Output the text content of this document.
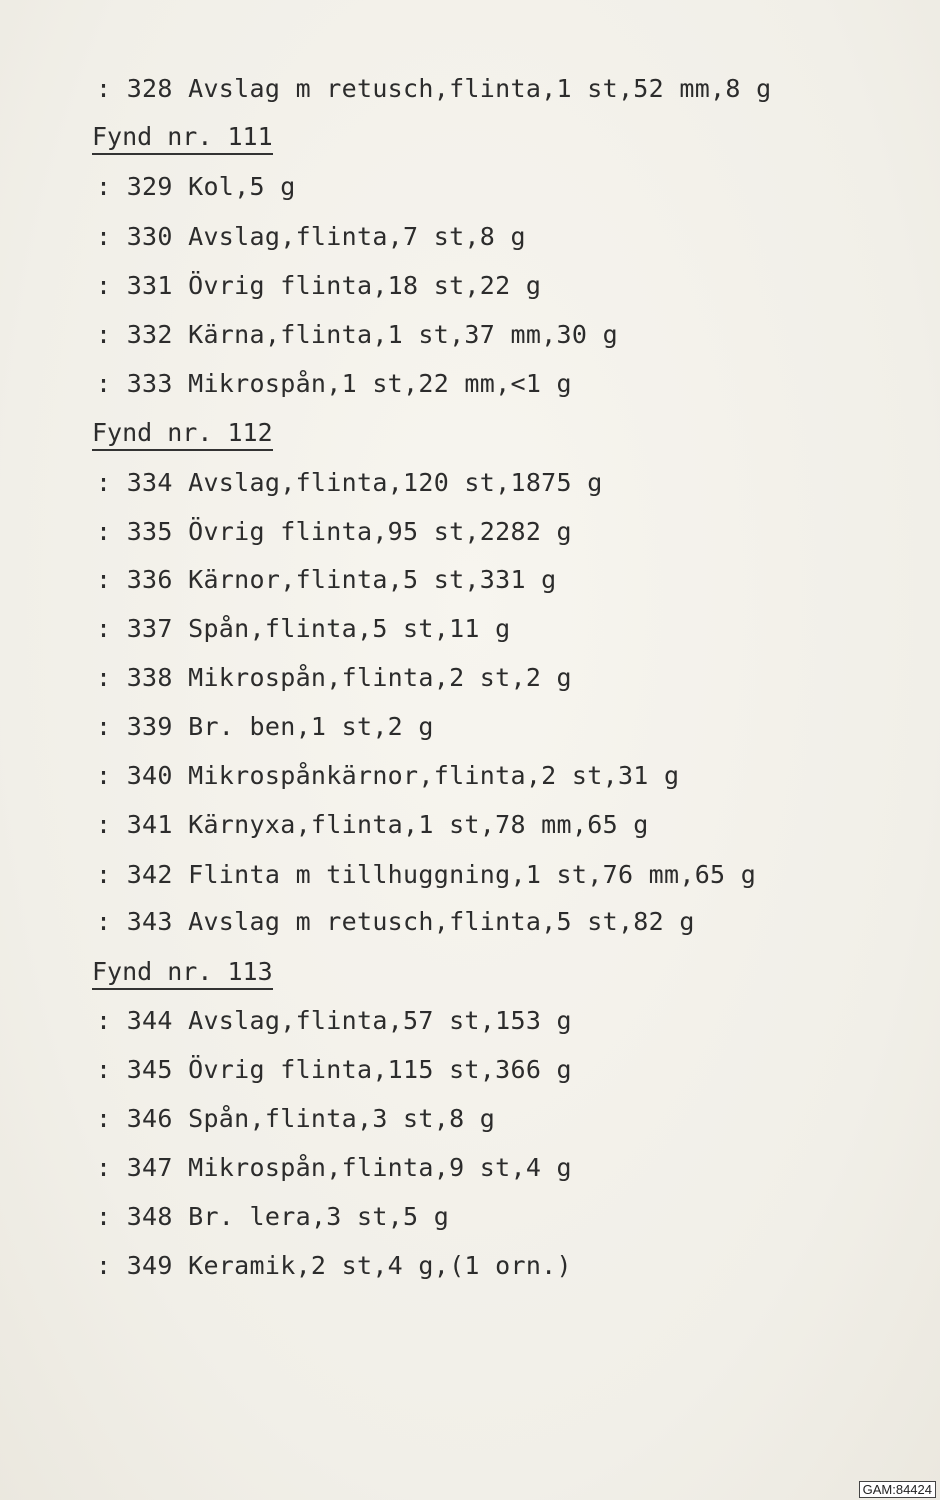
: 328 Avslag m retusch,flinta,1 st,52 mm,8 g
Fynd nr. 111
: 329 Kol,5 g
: 330 Avslag,flinta,7 st,8 g
: 331 Övrig flinta,18 st,22 g
: 332 Kärna,flinta,1 st,37 mm,30 g
: 333 Mikrospån,1 st,22 mm,<1 g
Fynd nr. 112
: 334 Avslag,flinta,120 st,1875 g
: 335 Övrig flinta,95 st,2282 g
: 336 Kärnor,flinta,5 st,331 g
: 337 Spån,flinta,5 st,11 g
: 338 Mikrospån,flinta,2 st,2 g
: 339 Br. ben,1 st,2 g
: 340 Mikrospånkärnor,flinta,2 st,31 g
: 341 Kärnyxa,flinta,1 st,78 mm,65 g
: 342 Flinta m tillhuggning,1 st,76 mm,65 g
: 343 Avslag m retusch,flinta,5 st,82 g
Fynd nr. 113
: 344 Avslag,flinta,57 st,153 g
: 345 Övrig flinta,115 st,366 g
: 346 Spån,flinta,3 st,8 g
: 347 Mikrospån,flinta,9 st,4 g
: 348 Br. lera,3 st,5 g
: 349 Keramik,2 st,4 g,(1 orn.)
GAM:84424
